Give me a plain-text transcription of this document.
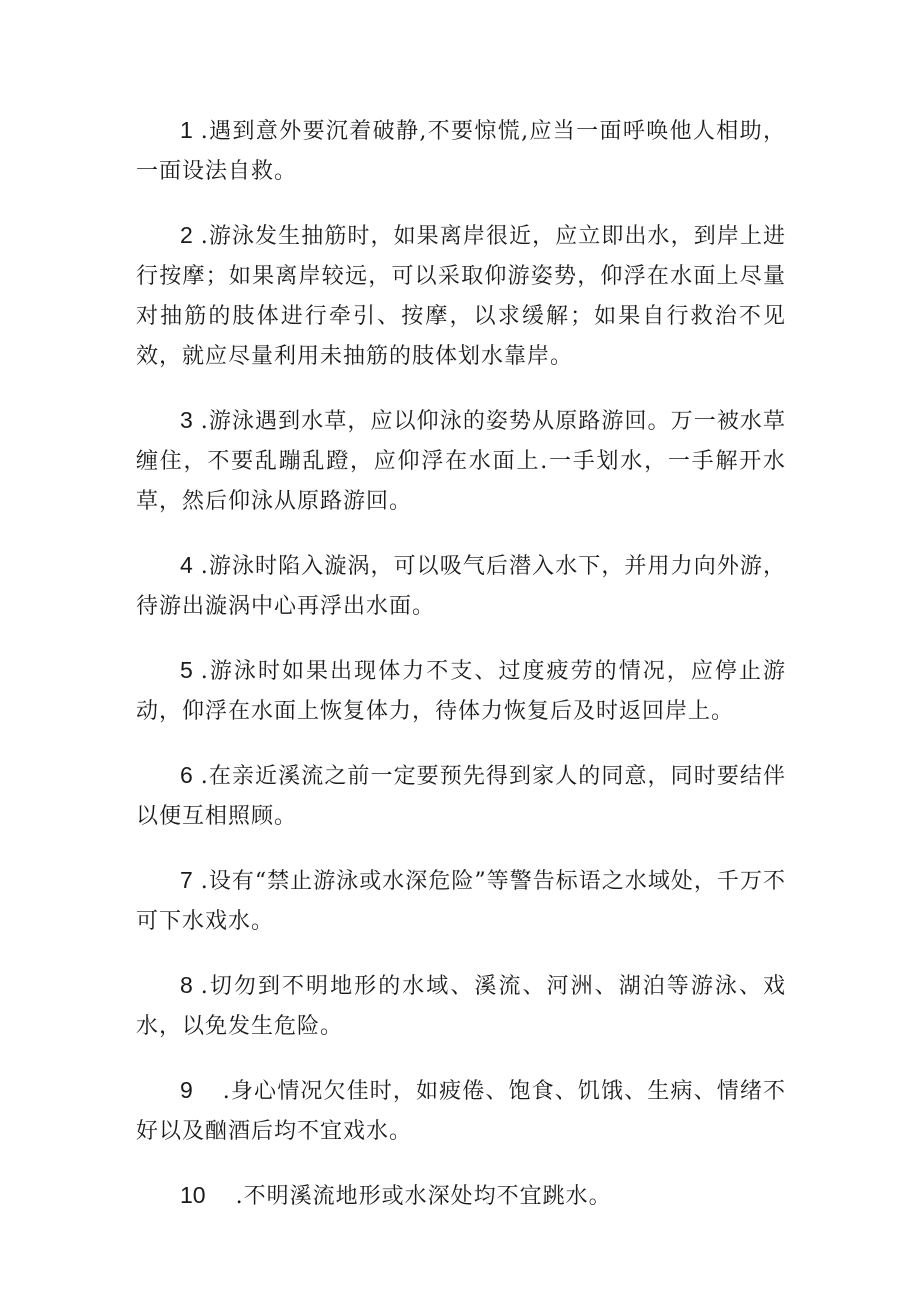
1 .遇到意外要沉着破静,不要惊慌,应当一面呼唤他人相助，一面设法自救。

2 .游泳发生抽筋时，如果离岸很近，应立即出水，到岸上进行按摩；如果离岸较远，可以采取仰游姿势，仰浮在水面上尽量对抽筋的肢体进行牵引、按摩，以求缓解；如果自行救治不见效，就应尽量利用未抽筋的肢体划水靠岸。

3 .游泳遇到水草，应以仰泳的姿势从原路游回。万一被水草缠住，不要乱蹦乱蹬，应仰浮在水面上.一手划水，一手解开水草，然后仰泳从原路游回。

4 .游泳时陷入漩涡，可以吸气后潜入水下，并用力向外游，待游出漩涡中心再浮出水面。

5 .游泳时如果出现体力不支、过度疲劳的情况，应停止游动，仰浮在水面上恢复体力，待体力恢复后及时返回岸上。

6 .在亲近溪流之前一定要预先得到家人的同意，同时要结伴以便互相照顾。

7 .设有“禁止游泳或水深危险”等警告标语之水域处，千万不可下水戏水。

8 .切勿到不明地形的水域、溪流、河洲、湖泊等游泳、戏水，以免发生危险。

9 .身心情况欠佳时，如疲倦、饱食、饥饿、生病、情绪不好以及酗酒后均不宜戏水。

10 .不明溪流地形或水深处均不宜跳水。
